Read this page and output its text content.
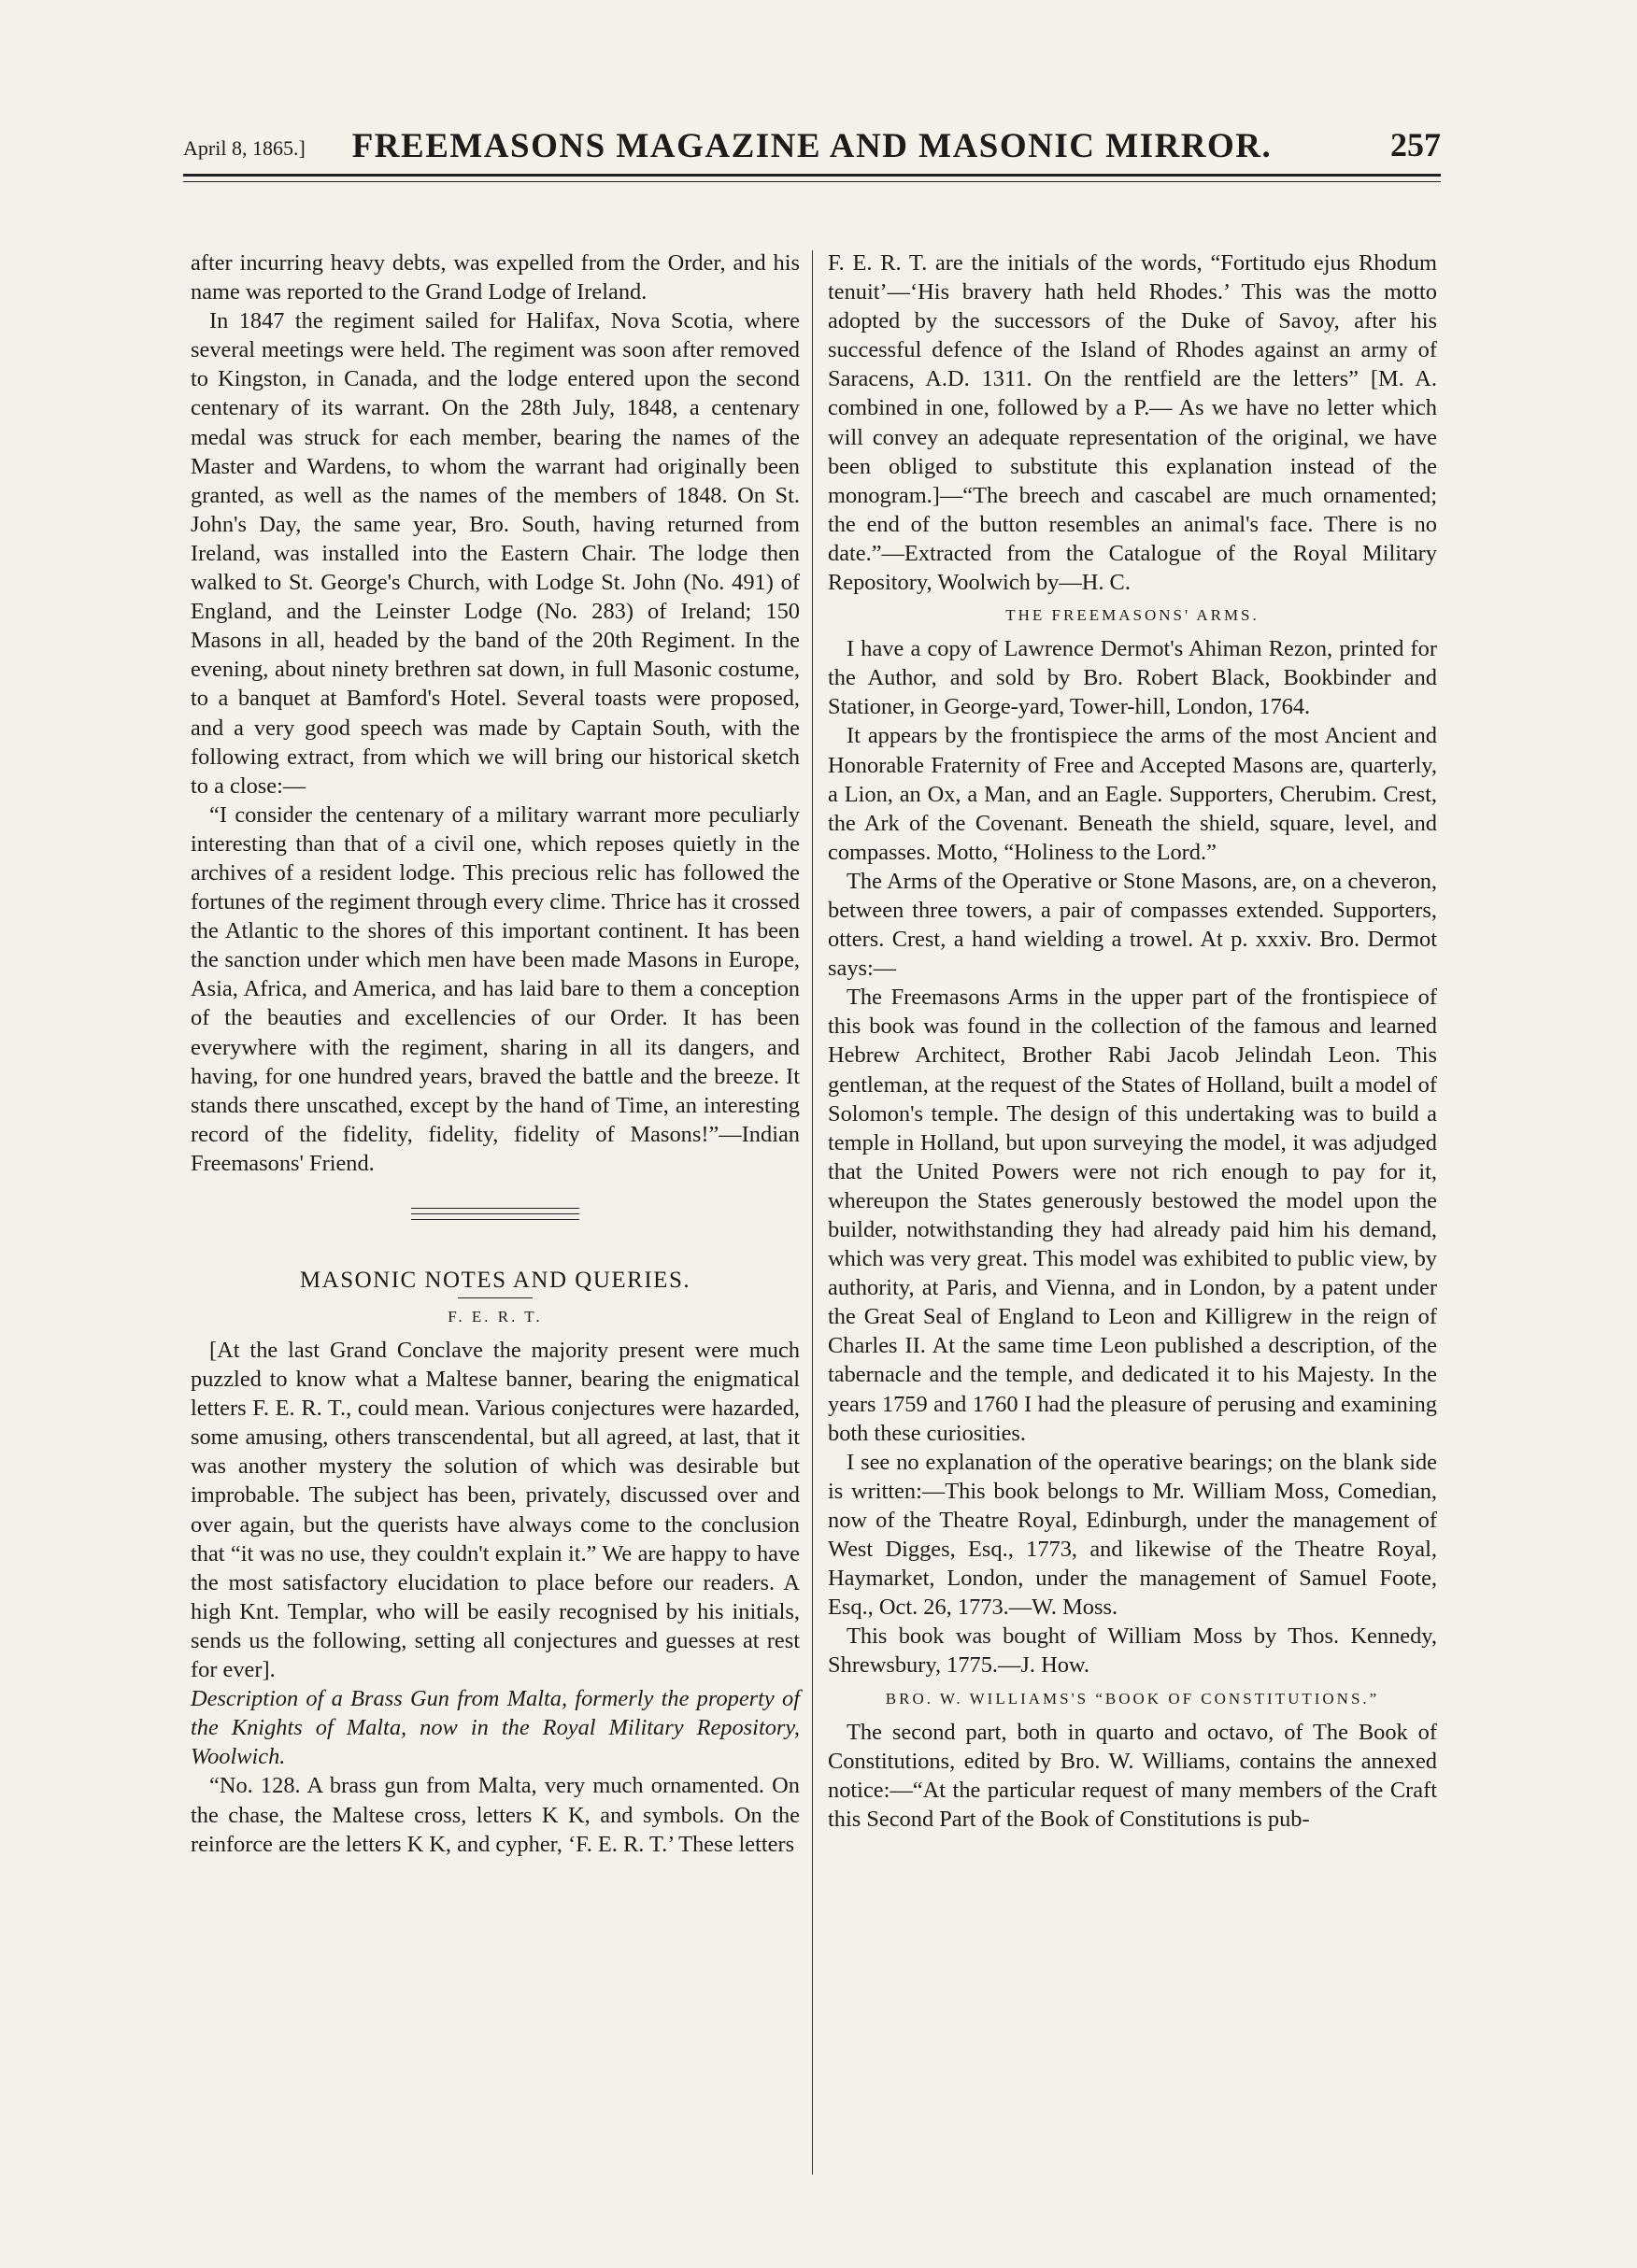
April 8, 1865.]	FREEMASONS MAGAZINE AND MASONIC MIRROR.	257

after incurring heavy debts, was expelled from the Order, and his name was reported to the Grand Lodge of Ireland.

In 1847 the regiment sailed for Halifax, Nova Scotia, where several meetings were held. The regiment was soon after removed to Kingston, in Canada, and the lodge entered upon the second centenary of its warrant. On the 28th July, 1848, a centenary medal was struck for each member, bearing the names of the Master and Wardens, to whom the warrant had originally been granted, as well as the names of the members of 1848. On St. John's Day, the same year, Bro. South, having returned from Ireland, was installed into the Eastern Chair. The lodge then walked to St. George's Church, with Lodge St. John (No. 491) of England, and the Leinster Lodge (No. 283) of Ireland; 150 Masons in all, headed by the band of the 20th Regiment. In the evening, about ninety brethren sat down, in full Masonic costume, to a banquet at Bamford's Hotel. Several toasts were proposed, and a very good speech was made by Captain South, with the following extract, from which we will bring our historical sketch to a close:—

“I consider the centenary of a military warrant more peculiarly interesting than that of a civil one, which reposes quietly in the archives of a resident lodge. This precious relic has followed the fortunes of the regiment through every clime. Thrice has it crossed the Atlantic to the shores of this important continent. It has been the sanction under which men have been made Masons in Europe, Asia, Africa, and America, and has laid bare to them a conception of the beauties and excellencies of our Order. It has been everywhere with the regiment, sharing in all its dangers, and having, for one hundred years, braved the battle and the breeze. It stands there unscathed, except by the hand of Time, an interesting record of the fidelity, fidelity, fidelity of Masons!”—Indian Freemasons' Friend.

MASONIC NOTES AND QUERIES.
F. E. R. T.

[At the last Grand Conclave the majority present were much puzzled to know what a Maltese banner, bearing the enigmatical letters F. E. R. T., could mean. Various conjectures were hazarded, some amusing, others transcendental, but all agreed, at last, that it was another mystery the solution of which was desirable but improbable. The subject has been, privately, discussed over and over again, but the querists have always come to the conclusion that “it was no use, they couldn't explain it.” We are happy to have the most satisfactory elucidation to place before our readers. A high Knt. Templar, who will be easily recognised by his initials, sends us the following, setting all conjectures and guesses at rest for ever].

Description of a Brass Gun from Malta, formerly the property of the Knights of Malta, now in the Royal Military Repository, Woolwich.

“No. 128. A brass gun from Malta, very much ornamented. On the chase, the Maltese cross, letters K K, and symbols. On the reinforce are the letters K K, and cypher, ‘F. E. R. T.’ These letters

F. E. R. T. are the initials of the words, “Fortitudo ejus Rhodum tenuit’—‘His bravery hath held Rhodes.’ This was the motto adopted by the successors of the Duke of Savoy, after his successful defence of the Island of Rhodes against an army of Saracens, A.D. 1311. On the rentfield are the letters” [M. A. combined in one, followed by a P.— As we have no letter which will convey an adequate representation of the original, we have been obliged to substitute this explanation instead of the monogram.]—“The breech and cascabel are much ornamented; the end of the button resembles an animal's face. There is no date.”—Extracted from the Catalogue of the Royal Military Repository, Woolwich by—H. C.

THE FREEMASONS' ARMS.

I have a copy of Lawrence Dermot's Ahiman Rezon, printed for the Author, and sold by Bro. Robert Black, Bookbinder and Stationer, in George-yard, Tower-hill, London, 1764.

It appears by the frontispiece the arms of the most Ancient and Honorable Fraternity of Free and Accepted Masons are, quarterly, a Lion, an Ox, a Man, and an Eagle. Supporters, Cherubim. Crest, the Ark of the Covenant. Beneath the shield, square, level, and compasses. Motto, “Holiness to the Lord.”

The Arms of the Operative or Stone Masons, are, on a cheveron, between three towers, a pair of compasses extended. Supporters, otters. Crest, a hand wielding a trowel. At p. xxxiv. Bro. Dermot says:—

The Freemasons Arms in the upper part of the frontispiece of this book was found in the collection of the famous and learned Hebrew Architect, Brother Rabi Jacob Jelindah Leon. This gentleman, at the request of the States of Holland, built a model of Solomon's temple. The design of this undertaking was to build a temple in Holland, but upon surveying the model, it was adjudged that the United Powers were not rich enough to pay for it, whereupon the States generously bestowed the model upon the builder, notwithstanding they had already paid him his demand, which was very great. This model was exhibited to public view, by authority, at Paris, and Vienna, and in London, by a patent under the Great Seal of England to Leon and Killigrew in the reign of Charles II. At the same time Leon published a description, of the tabernacle and the temple, and dedicated it to his Majesty. In the years 1759 and 1760 I had the pleasure of perusing and examining both these curiosities.

I see no explanation of the operative bearings; on the blank side is written:—This book belongs to Mr. William Moss, Comedian, now of the Theatre Royal, Edinburgh, under the management of West Digges, Esq., 1773, and likewise of the Theatre Royal, Haymarket, London, under the management of Samuel Foote, Esq., Oct. 26, 1773.—W. Moss.

This book was bought of William Moss by Thos. Kennedy, Shrewsbury, 1775.—J. How.

BRO. W. WILLIAMS'S “BOOK OF CONSTITUTIONS.”

The second part, both in quarto and octavo, of The Book of Constitutions, edited by Bro. W. Williams, contains the annexed notice:—“At the particular request of many members of the Craft this Second Part of the Book of Constitutions is pub-
